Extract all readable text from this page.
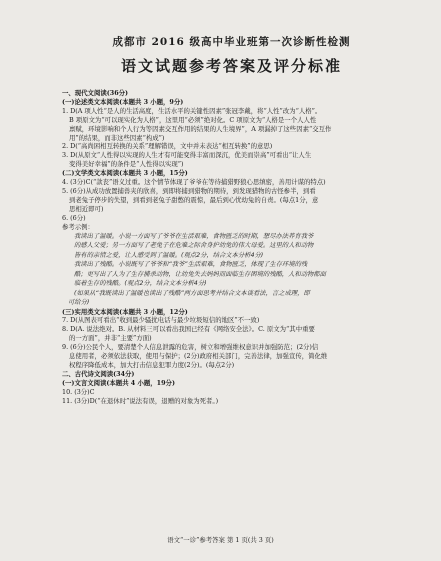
成都市 2016 级高中毕业班第一次诊断性检测
语文试题参考答案及评分标准

一、现代文阅读(36分)

(一)论述类文本阅读(本题共 3 小题，9分)

1. D(A 项人性“是人的生活高度，生活水平的关键性因素”张冠李戴，将“人性”改为“人格”。

B 项原文为“可以现实化为人格”，这里用“必须”绝对化。C 项原文为“人格是一个人人性

禀赋，环境影响和个人行为等因素交互作用的结果的人生境界”，A 项漏掉了这些因素“交互作

用”的结果，而非这些因素“构成”)

2. D(“高尚困相互转换的关系”理解错误，文中并未表达“相互转换”的意思)

3. D(从原文“人性得以实现的人生才有可能变得丰富而深沉，优美而崇高”可看出“让人生

变得美好幸福”的条件是“人性得以实现”)

(二)文学类文本阅读(本题共 3 小题，15分)

4. (3分)C(“款丧”语义过重。这个情节体现了爷爷在等待捕猎野狼心思缜密，善用计谋的特点)

5. (6分)从成功放置捕兽夹的欣喜，到即将捕到猎物的期待，到发现猎物的古怪参半，到看

到老兔子停步的失望，到看到老兔子甜憋的震惊，最后到心忧幼兔的自责。(每点1分，意

思相近即可)

6. (6分)

参考示例：

我读出了温暖。小说一方面写了爷爷在生活艰难，食物匮乏的时期，想尽办法养育我爷

的感人父爱；另一方面写了老兔子在危难之际舍身护幼兔的伟大母爱。这里的人和动物

皆有的亲情之爱，让人感受到了温暖。(观点2分，结合文本分析4分)

我读出了残酷。小说既写了爷爷和“我爷”生活艰难，食物匮乏，体现了生存环境的残

酷；更写出了人为了生存捕杀动物，让幼兔失去妈妈而面临生存困境的残酷，人和动物都面

临着生存的残酷。(观点2分，结合文本分析4分)

(如果从“我既读出了温暖也读出了残酷”两方面思考并结合文本谈看法，言之成理，即

可给分)

(三)实用类文本阅读(本题共 3 小题，12分)

7. D(从图表可看出“收到最少骚扰电话与最少垃圾短信的地区”不一致)

8. D(A. 说法绝对。B. 从材料三可以看出我国已经有《网络安全法》。C. 原文为“其中重要

的一方面”，并非“主要”方面)

9. (6分)公民个人，要清楚个人信息泄露的危害，树立和增强维权意识并加强防范；(2分)信

息使用者，必须依法获取，使用与保护；(2分)政府相关部门，完善法律，加强宣传，简化维

权程序降低成本，加大打击信息犯罪力度(2分)。(每点2分)

二、古代诗文阅读(34分)

(一)文言文阅读(本题共 4 小题，19分)

10. (3分)C

11. (3分)D(“在退休时”说法有误，退赠的对象为死者。)

语文“一诊”参考答案 第 1 页(共 3 页)
